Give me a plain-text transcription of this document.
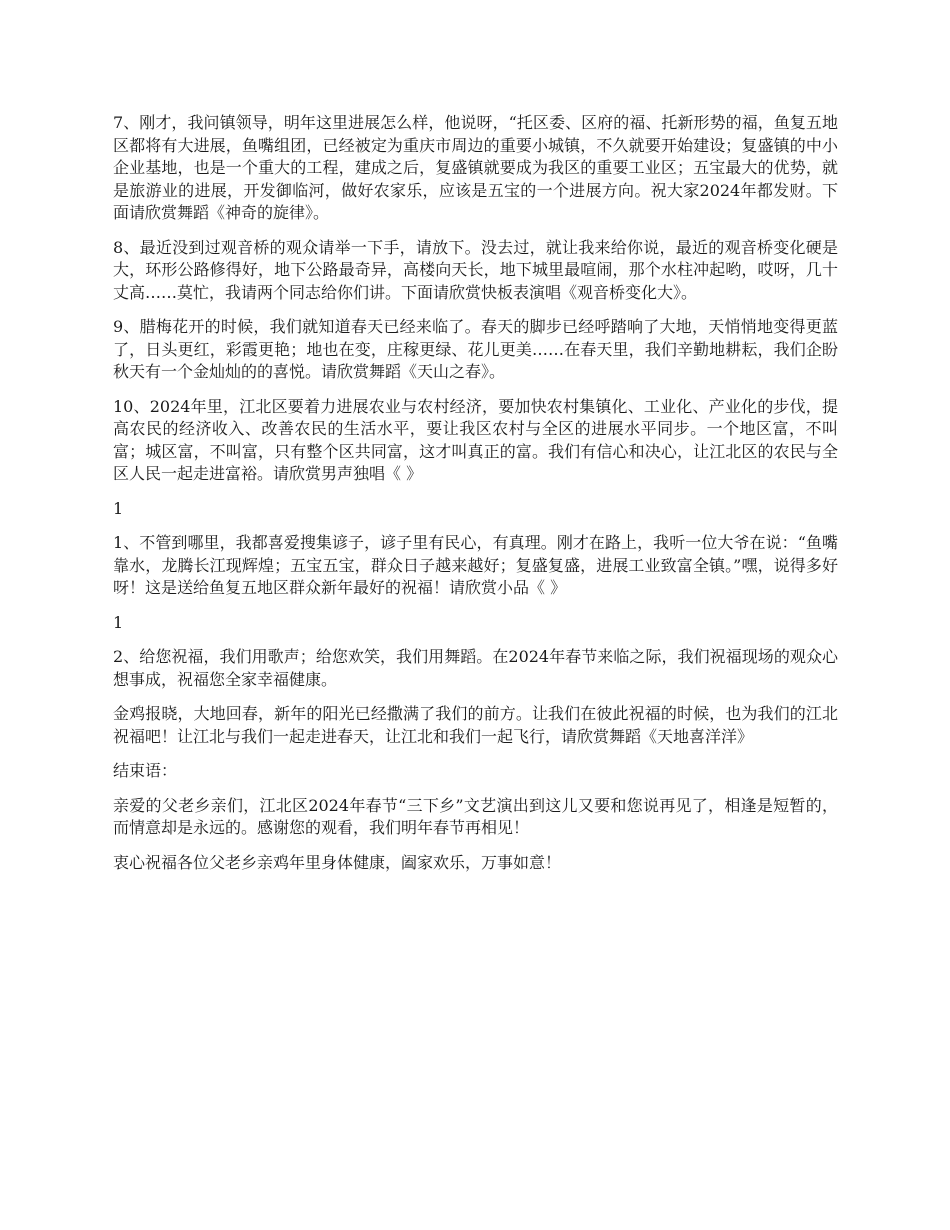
7、刚才，我问镇领导，明年这里进展怎么样，他说呀，“托区委、区府的福、托新形势的福，鱼复五地区都将有大进展，鱼嘴组团，已经被定为重庆市周边的重要小城镇，不久就要开始建设；复盛镇的中小企业基地，也是一个重大的工程，建成之后，复盛镇就要成为我区的重要工业区；五宝最大的优势，就是旅游业的进展，开发御临河，做好农家乐，应该是五宝的一个进展方向。祝大家2024年都发财。下面请欣赏舞蹈《神奇的旋律》。

8、最近没到过观音桥的观众请举一下手，请放下。没去过，就让我来给你说，最近的观音桥变化硬是大，环形公路修得好，地下公路最奇异，高楼向天长，地下城里最喧闹，那个水柱冲起哟，哎呀，几十丈高……莫忙，我请两个同志给你们讲。下面请欣赏快板表演唱《观音桥变化大》。

9、腊梅花开的时候，我们就知道春天已经来临了。春天的脚步已经呼踏响了大地，天悄悄地变得更蓝了，日头更红，彩霞更艳；地也在变，庄稼更绿、花儿更美……在春天里，我们辛勤地耕耘，我们企盼秋天有一个金灿灿的的喜悦。请欣赏舞蹈《天山之春》。

10、2024年里，江北区要着力进展农业与农村经济，要加快农村集镇化、工业化、产业化的步伐，提高农民的经济收入、改善农民的生活水平，要让我区农村与全区的进展水平同步。一个地区富，不叫富；城区富，不叫富，只有整个区共同富，这才叫真正的富。我们有信心和决心，让江北区的农民与全区人民一起走进富裕。请欣赏男声独唱《 》

1

1、不管到哪里，我都喜爱搜集谚子，谚子里有民心，有真理。刚才在路上，我听一位大爷在说：“鱼嘴靠水，龙腾长江现辉煌；五宝五宝，群众日子越来越好；复盛复盛，进展工业致富全镇。”嘿，说得多好呀！这是送给鱼复五地区群众新年最好的祝福！请欣赏小品《 》

1

2、给您祝福，我们用歌声；给您欢笑，我们用舞蹈。在2024年春节来临之际，我们祝福现场的观众心想事成，祝福您全家幸福健康。

金鸡报晓，大地回春，新年的阳光已经撒满了我们的前方。让我们在彼此祝福的时候，也为我们的江北祝福吧！让江北与我们一起走进春天，让江北和我们一起飞行，请欣赏舞蹈《天地喜洋洋》

结束语：

亲爱的父老乡亲们，江北区2024年春节“三下乡”文艺演出到这儿又要和您说再见了，相逢是短暂的，而情意却是永远的。感谢您的观看，我们明年春节再相见！

衷心祝福各位父老乡亲鸡年里身体健康，阖家欢乐，万事如意！
